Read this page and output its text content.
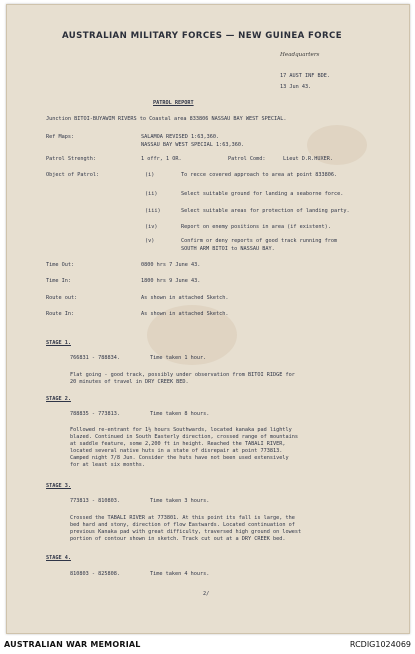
AUSTRALIAN MILITARY FORCES — NEW GUINEA FORCE
Headquarters
17 AUST INF BDE.
13 Jun 43.
PATROL REPORT
Junction BITOI-BUYAWIM RIVERS to Coastal area 833806 NASSAU BAY WEST SPECIAL.
Ref Maps:	SALAMOA REVISED 1:63,360.
NASSAU BAY WEST SPECIAL 1:63,360.
Patrol Strength:	1 offr, 1 OR.	Patrol Comd:	Lieut D.R.HUXER.
Object of Patrol:	(i)	To recce covered approach to area at point 833806.
(ii)	Select suitable ground for landing a seaborne force.
(iii)	Select suitable areas for protection of landing party.
(iv)	Report on enemy positions in area (if existent).
(v)	Confirm or deny reports of good track running from
SOUTH ARM BITOI to NASSAU BAY.
Time Out:	0800 hrs 7 June 43.
Time In:	1800 hrs 9 June 43.
Route out:	As shown in attached Sketch.
Route In:	As shown in attached Sketch.
STAGE 1.
766831 - 788834.	Time taken 1 hour.
Flat going - good track, possibly under observation from BITOI RIDGE for
20 minutes of travel in DRY CREEK BED.
STAGE 2.
788835 - 773813.	Time taken 8 hours.
Followed re-entrant for 1½ hours Southwards, located kanaka pad lightly
blazed. Continued in South Easterly direction, crossed range of mountains
at saddle feature, some 2,200 ft in height. Reached the TABALI RIVER,
located several native huts in a state of disrepair at point 773813.
Camped night 7/8 Jun. Consider the huts have not been used extensively
for at least six months.
STAGE 3.
773813 - 810803.	Time taken 3 hours.
Crossed the TABALI RIVER at 773801. At this point its fall is large, the
bed hard and stony, direction of flow Eastwards. Located continuation of
previous Kanaka pad with great difficulty, traversed high ground on lowest
portion of contour shown in sketch. Track cut out at a DRY CREEK bed.
STAGE 4.
810803 - 825808.	Time taken 4 hours.
2/
AUSTRALIAN WAR MEMORIAL	RCDIG1024069
